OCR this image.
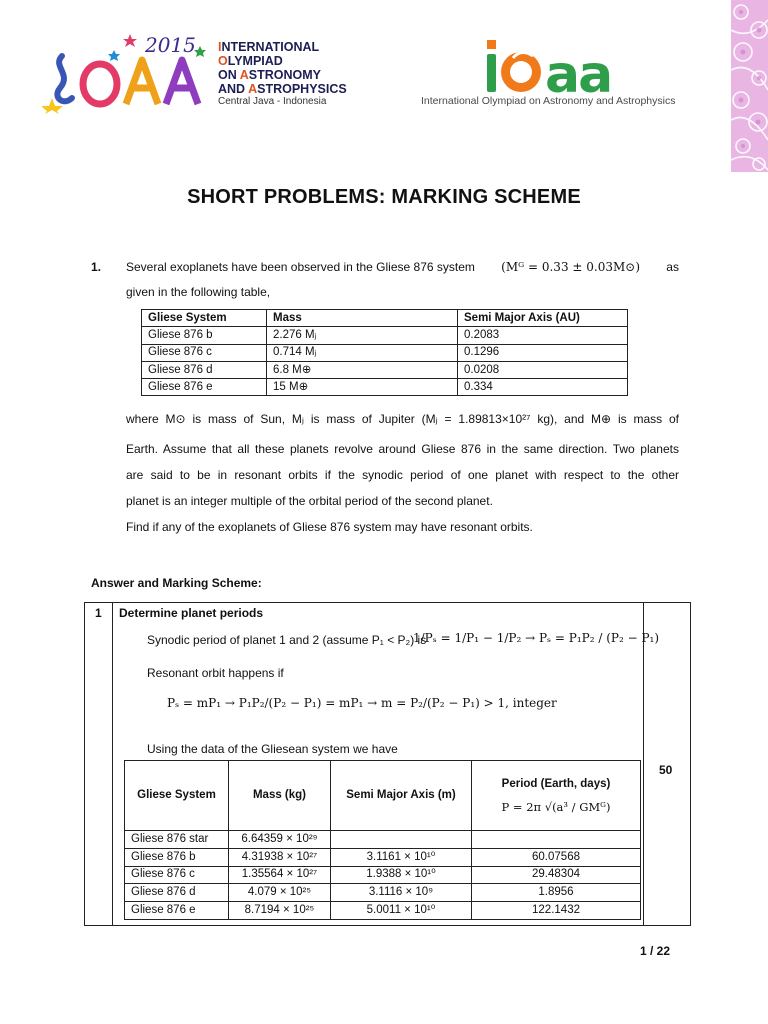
2015 INTERNATIONAL
OLYMPIAD
ON ASTRONOMY
AND ASTROPHYSICS
Central Java - Indonesia	aa
International Olympiad on Astronomy and Astrophysics
SHORT PROBLEMS: MARKING SCHEME
1. Several exoplanets have been observed in the Gliese 876 system (Mᴳ = 0.33 ± 0.03M⊙) as
given in the following table,
Gliese System	Mass	Semi Major Axis (AU)
Gliese 876 b	2.276 Mⱼ	0.2083
Gliese 876 c	0.714 Mⱼ	0.1296
Gliese 876 d	6.8 M⊕	0.0208
Gliese 876 e	15 M⊕	0.334
where M⊙ is mass of Sun, Mⱼ is mass of Jupiter (Mⱼ = 1.89813×10²⁷ kg), and M⊕ is mass of
Earth. Assume that all these planets revolve around Gliese 876 in the same direction. Two planets
are said to be in resonant orbits if the synodic period of one planet with respect to the other
planet is an integer multiple of the orbital period of the second planet.
Find if any of the exoplanets of Gliese 876 system may have resonant orbits.
Answer and Marking Scheme:
1 Determine planet periods
Synodic period of planet 1 and 2 (assume P₁ < P₂) is
1/Pₛ = 1/P₁ − 1/P₂ → Pₛ = P₁P₂ / (P₂ − P₁)
Resonant orbit happens if
Pₛ = mP₁ → P₁P₂/(P₂ − P₁) = mP₁ → m = P₂/(P₂ − P₁) > 1, integer
Using the data of the Gliesean system we have
50
Gliese System	Mass (kg)	Semi Major Axis (m)	Period (Earth, days)
P = 2π √(a³ / GMᴳ)

Gliese 876 star	6.64359 × 10²⁹		
Gliese 876 b	4.31938 × 10²⁷	3.1161 × 10¹⁰	60.07568
Gliese 876 c	1.35564 × 10²⁷	1.9388 × 10¹⁰	29.48304
Gliese 876 d	4.079 × 10²⁵	3.1116 × 10⁹	1.8956
Gliese 876 e	8.7194 × 10²⁵	5.0011 × 10¹⁰	122.1432
1 / 22
